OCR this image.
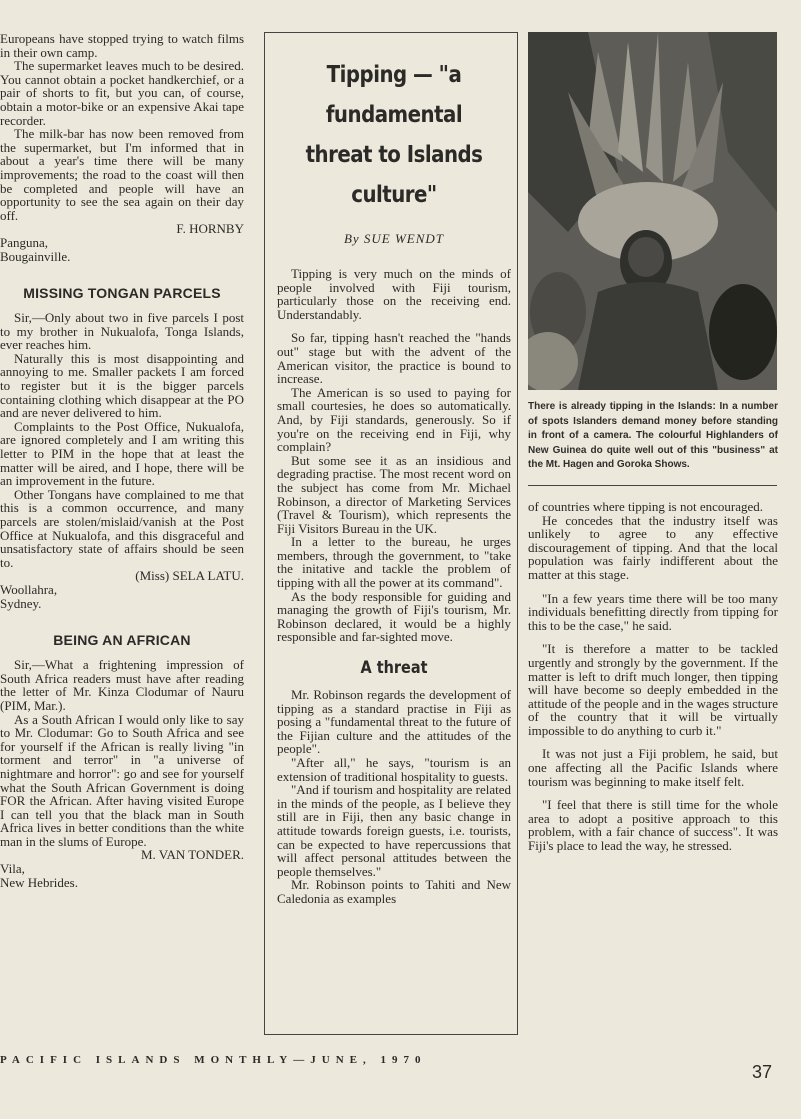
Europeans have stopped trying to watch films in their own camp.

The supermarket leaves much to be desired. You cannot obtain a pocket handkerchief, or a pair of shorts to fit, but you can, of course, obtain a motor-bike or an expensive Akai tape recorder.

The milk-bar has now been removed from the supermarket, but I'm informed that in about a year's time there will be many improvements; the road to the coast will then be completed and people will have an opportunity to see the sea again on their day off.

F. HORNBY

Panguna,

Bougainville.

MISSING TONGAN PARCELS

Sir,—Only about two in five parcels I post to my brother in Nukualofa, Tonga Islands, ever reaches him.

Naturally this is most disappointing and annoying to me. Smaller packets I am forced to register but it is the bigger parcels containing clothing which disappear at the PO and are never delivered to him.

Complaints to the Post Office, Nukualofa, are ignored completely and I am writing this letter to PIM in the hope that at least the matter will be aired, and I hope, there will be an improvement in the future.

Other Tongans have complained to me that this is a common occurrence, and many parcels are stolen/mislaid/vanish at the Post Office at Nukualofa, and this disgraceful and unsatisfactory state of affairs should be seen to.

(Miss) SELA LATU.

Woollahra,

Sydney.

BEING AN AFRICAN

Sir,—What a frightening impression of South Africa readers must have after reading the letter of Mr. Kinza Clodumar of Nauru (PIM, Mar.).

As a South African I would only like to say to Mr. Clodumar: Go to South Africa and see for yourself if the African is really living "in torment and terror" in "a universe of nightmare and horror": go and see for yourself what the South African Government is doing FOR the African. After having visited Europe I can tell you that the black man in South Africa lives in better conditions than the white man in the slums of Europe.

M. VAN TONDER.

Vila,

New Hebrides.

Tipping — "a fundamental threat to Islands culture"
By SUE WENDT

Tipping is very much on the minds of people involved with Fiji tourism, particularly those on the receiving end. Understandably.

So far, tipping hasn't reached the "hands out" stage but with the advent of the American visitor, the practice is bound to increase.

The American is so used to paying for small courtesies, he does so automatically. And, by Fiji standards, generously. So if you're on the receiving end in Fiji, why complain?

But some see it as an insidious and degrading practise. The most recent word on the subject has come from Mr. Michael Robinson, a director of Marketing Services (Travel & Tourism), which represents the Fiji Visitors Bureau in the UK.

In a letter to the bureau, he urges members, through the government, to "take the initative and tackle the problem of tipping with all the power at its command".

As the body responsible for guiding and managing the growth of Fiji's tourism, Mr. Robinson declared, it would be a highly responsible and far-sighted move.

A threat

Mr. Robinson regards the development of tipping as a standard practise in Fiji as posing a "fundamental threat to the future of the Fijian culture and the attitudes of the people".

"After all," he says, "tourism is an extension of traditional hospitality to guests.

"And if tourism and hospitality are related in the minds of the people, as I believe they still are in Fiji, then any basic change in attitude towards foreign guests, i.e. tourists, can be expected to have repercussions that will affect personal attitudes between the people themselves."

Mr. Robinson points to Tahiti and New Caledonia as examples

There is already tipping in the Islands: In a number of spots Islanders demand money before standing in front of a camera. The colourful Highlanders of New Guinea do quite well out of this "business" at the Mt. Hagen and Goroka Shows.

of countries where tipping is not encouraged.

He concedes that the industry itself was unlikely to agree to any effective discouragement of tipping. And that the local population was fairly indifferent about the matter at this stage.

"In a few years time there will be too many individuals benefitting directly from tipping for this to be the case," he said.

"It is therefore a matter to be tackled urgently and strongly by the government. If the matter is left to drift much longer, then tipping will have become so deeply embedded in the attitude of the people and in the wages structure of the country that it will be virtually impossible to do anything to curb it."

It was not just a Fiji problem, he said, but one affecting all the Pacific Islands where tourism was beginning to make itself felt.

"I feel that there is still time for the whole area to adopt a positive approach to this problem, with a fair chance of success". It was Fiji's place to lead the way, he stressed.

PACIFIC ISLANDS MONTHLY—JUNE, 1970
37
